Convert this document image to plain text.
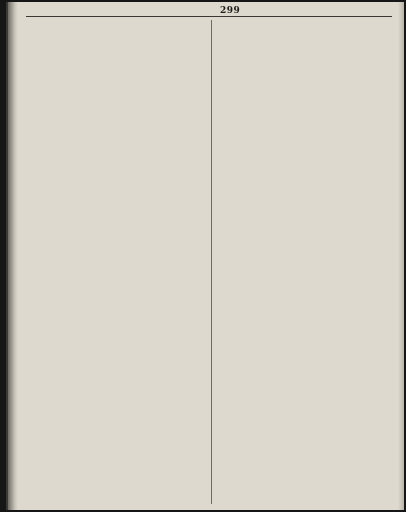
299
